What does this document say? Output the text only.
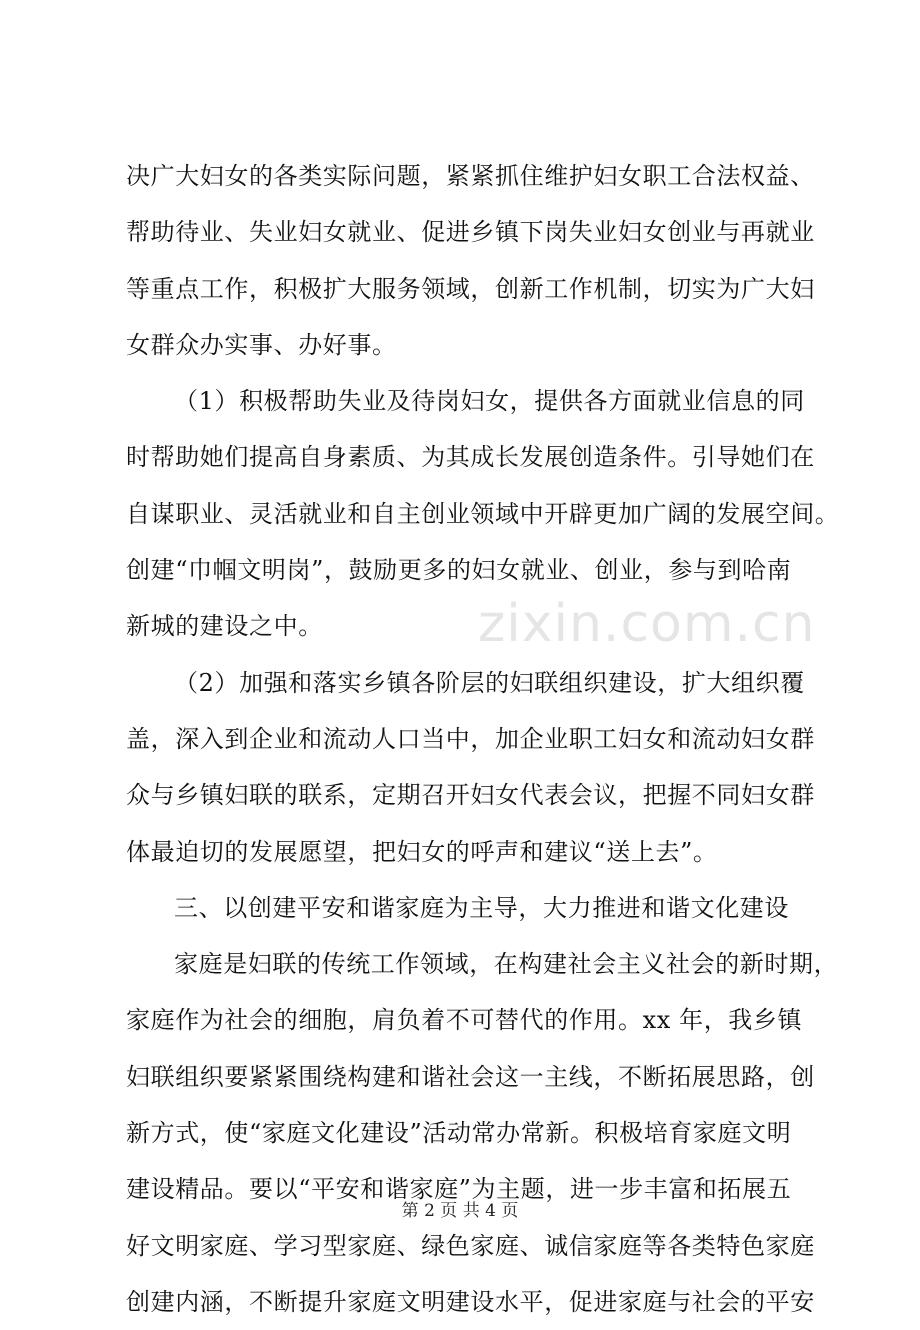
决广大妇女的各类实际问题，紧紧抓住维护妇女职工合法权益、
帮助待业、失业妇女就业、促进乡镇下岗失业妇女创业与再就业
等重点工作，积极扩大服务领域，创新工作机制，切实为广大妇
女群众办实事、办好事。
（1）积极帮助失业及待岗妇女，提供各方面就业信息的同
时帮助她们提高自身素质、为其成长发展创造条件。引导她们在
自谋职业、灵活就业和自主创业领域中开辟更加广阔的发展空间。
创建“巾帼文明岗”，鼓励更多的妇女就业、创业，参与到哈南
新城的建设之中。
（2）加强和落实乡镇各阶层的妇联组织建设，扩大组织覆
盖，深入到企业和流动人口当中，加企业职工妇女和流动妇女群
众与乡镇妇联的联系，定期召开妇女代表会议，把握不同妇女群
体最迫切的发展愿望，把妇女的呼声和建议“送上去”。
三、以创建平安和谐家庭为主导，大力推进和谐文化建设
家庭是妇联的传统工作领域，在构建社会主义社会的新时期，
家庭作为社会的细胞，肩负着不可替代的作用。xx 年，我乡镇
妇联组织要紧紧围绕构建和谐社会这一主线，不断拓展思路，创
新方式，使“家庭文化建设”活动常办常新。积极培育家庭文明
建设精品。要以“平安和谐家庭”为主题，进一步丰富和拓展五
好文明家庭、学习型家庭、绿色家庭、诚信家庭等各类特色家庭
创建内涵，不断提升家庭文明建设水平，促进家庭与社会的平安
zixin.com.cn
第 2 页 共 4 页
